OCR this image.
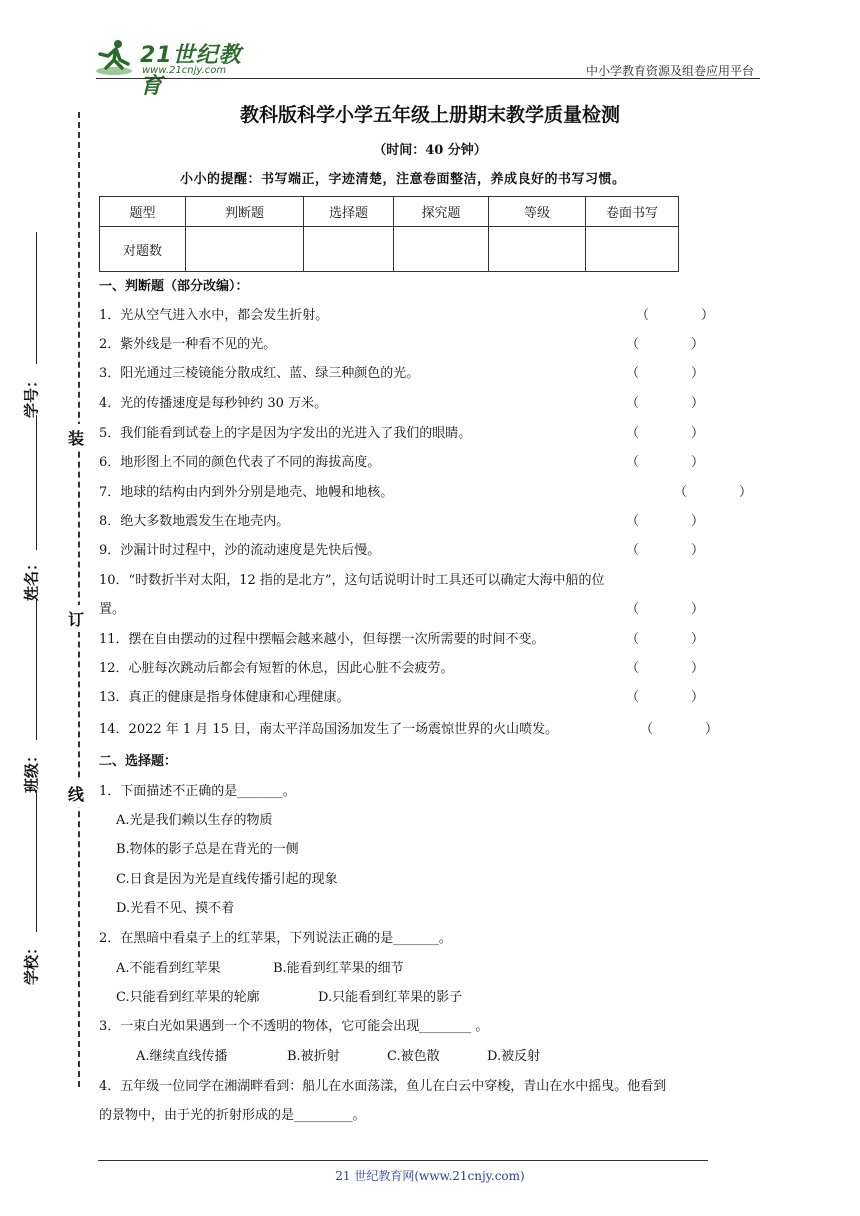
21世纪教育
www.21cnjy.com	中小学教育资源及组卷应用平台
教科版科学小学五年级上册期末教学质量检测
（时间：40 分钟）
小小的提醒：书写端正，字迹清楚，注意卷面整洁，养成良好的书写习惯。
题型	判断题	选择题	探究题	等级	卷面书写
对题数					
一、判断题（部分改编）：
1．光从空气进入水中，都会发生折射。	（　　　　）
2．紫外线是一种看不见的光。	（　　　　）
3．阳光通过三棱镜能分散成红、蓝、绿三种颜色的光。	（　　　　）
4．光的传播速度是每秒钟约 30 万米。	（　　　　）
5．我们能看到试卷上的字是因为字发出的光进入了我们的眼睛。	（　　　　）
6．地形图上不同的颜色代表了不同的海拔高度。	（　　　　）
7．地球的结构由内到外分别是地壳、地幔和地核。	（　　　　）
8．绝大多数地震发生在地壳内。	（　　　　）
9．沙漏计时过程中，沙的流动速度是先快后慢。	（　　　　）
10．“时数折半对太阳，12 指的是北方”，这句话说明计时工具还可以确定大海中船的位
置。	（　　　　）
11．摆在自由摆动的过程中摆幅会越来越小，但每摆一次所需要的时间不变。	（　　　　）
12．心脏每次跳动后都会有短暂的休息，因此心脏不会疲劳。	（　　　　）
13．真正的健康是指身体健康和心理健康。	（　　　　）
14．2022 年 1 月 15 日，南太平洋岛国汤加发生了一场震惊世界的火山喷发。	（　　　　）
二、选择题：
1．下面描述不正确的是_______。
A.光是我们赖以生存的物质
B.物体的影子总是在背光的一侧
C.日食是因为光是直线传播引起的现象
D.光看不见、摸不着
2．在黑暗中看桌子上的红苹果，下列说法正确的是_______。
A.不能看到红苹果	B.能看到红苹果的细节
C.只能看到红苹果的轮廓	D.只能看到红苹果的影子
3．一束白光如果遇到一个不透明的物体，它可能会出现________ 。
A.继续直线传播	B.被折射	C.被色散	D.被反射
4．五年级一位同学在湘湖畔看到：船儿在水面荡漾，鱼儿在白云中穿梭，青山在水中摇曳。他看到
的景物中，由于光的折射形成的是_________。
装
订
线
学号：
姓名：
班级：
学校：
21 世纪教育网(www.21cnjy.com)
